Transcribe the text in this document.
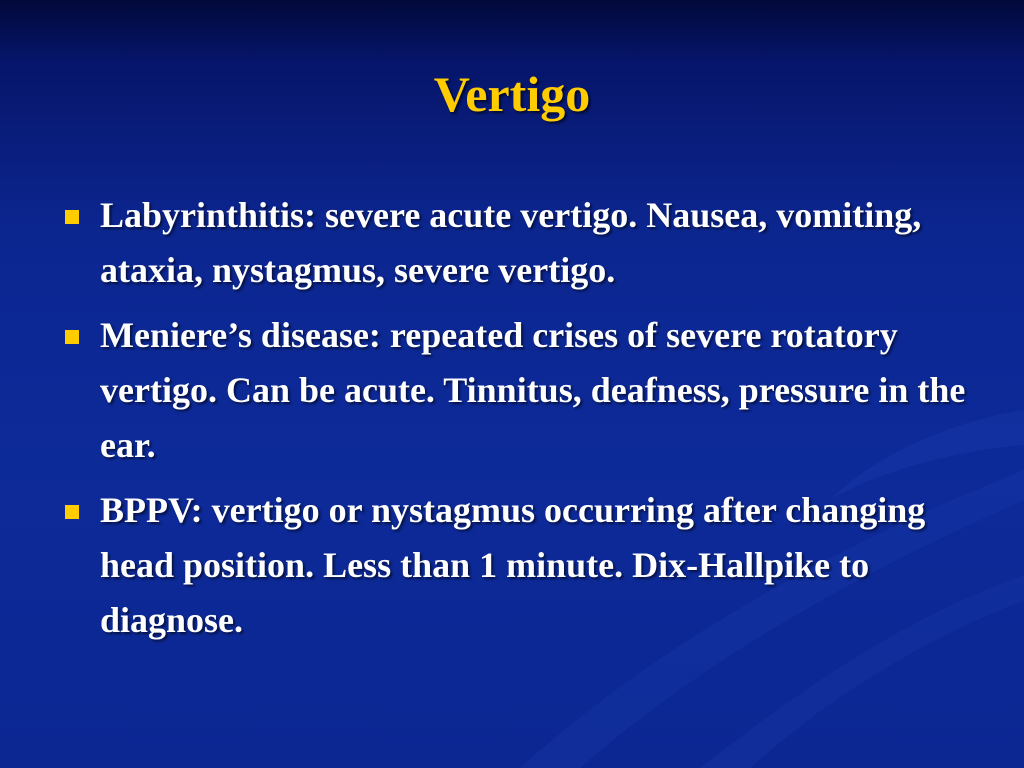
Vertigo
Labyrinthitis: severe acute vertigo. Nausea, vomiting, ataxia, nystagmus, severe vertigo.
Meniere’s disease: repeated crises of severe rotatory vertigo. Can be acute. Tinnitus, deafness, pressure in the ear.
BPPV: vertigo or nystagmus occurring after changing head position. Less than 1 minute. Dix-Hallpike to diagnose.
